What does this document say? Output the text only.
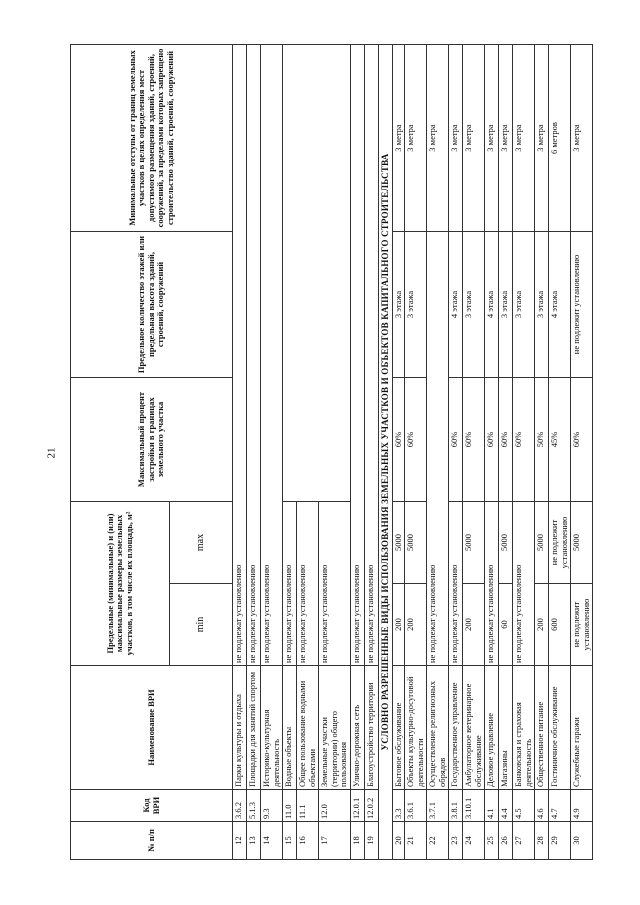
21
№ п/п	Код ВРИ	Наименование ВРИ	Предельные (минимальные) и (или) максимальные размеры земельных участков, в том числе их площадь, м²		Максимальный процент застройки в границах земельного участка	Предельное количество этажей или предельная высота зданий, строений, сооружений	Минимальные отступы от границ земельных участков в целях определения мест допустимого размещения зданий, строений, сооружений, за пределами которых запрещено строительство зданий, строений, сооружений
			min	max			
12	3.6.2	Парки культуры и отдыха	не подлежат установлению				
13	5.1.3	Площадки для занятий спортом	не подлежат установлению				
14	9.3	Историко-культурная деятельность	не подлежат установлению				
15	11.0	Водные объекты	не подлежат установлению				
16	11.1	Общее пользование водными объектами	не подлежат установлению				
17	12.0	Земельные участки (территории) общего пользования	не подлежат установлению				
18	12.0.1	Улично-дорожная сеть	не подлежат установлению				
19	12.0.2	Благоустройство территории	не подлежат установлению				
УСЛОВНО РАЗРЕШЕННЫЕ ВИДЫ ИСПОЛЬЗОВАНИЯ ЗЕМЕЛЬНЫХ УЧАСТКОВ И ОБЪЕКТОВ КАПИТАЛЬНОГО СТРОИТЕЛЬСТВА							
20	3.3	Бытовое обслуживание	200	5000	60%	3 этажа	3 метра
21	3.6.1	Объекты культурно-досуговой деятельности	200	5000	60%	3 этажа	3 метра
22	3.7.1	Осуществление религиозных обрядов	не подлежат установлению				3 метра
23	3.8.1	Государственное управление	не подлежат установлению		60%	4 этажа	3 метра
24	3.10.1	Амбулаторное ветеринарное обслуживание	200	5000	60%	3 этажа	3 метра
25	4.1	Деловое управление	не подлежат установлению		60%	4 этажа	3 метра
26	4.4	Магазины	60	5000	60%	3 этажа	3 метра
27	4.5	Банковская и страховая деятельность	не подлежат установлению		60%	3 этажа	3 метра
28	4.6	Общественное питание	200	5000	50%	3 этажа	3 метра
29	4.7	Гостиничное обслуживание	600	не подлежит установлению	45%	4 этажа	6 метров
30	4.9	Служебные гаражи	не подлежит установлению	5000	60%	не подлежит установлению	3 метра
